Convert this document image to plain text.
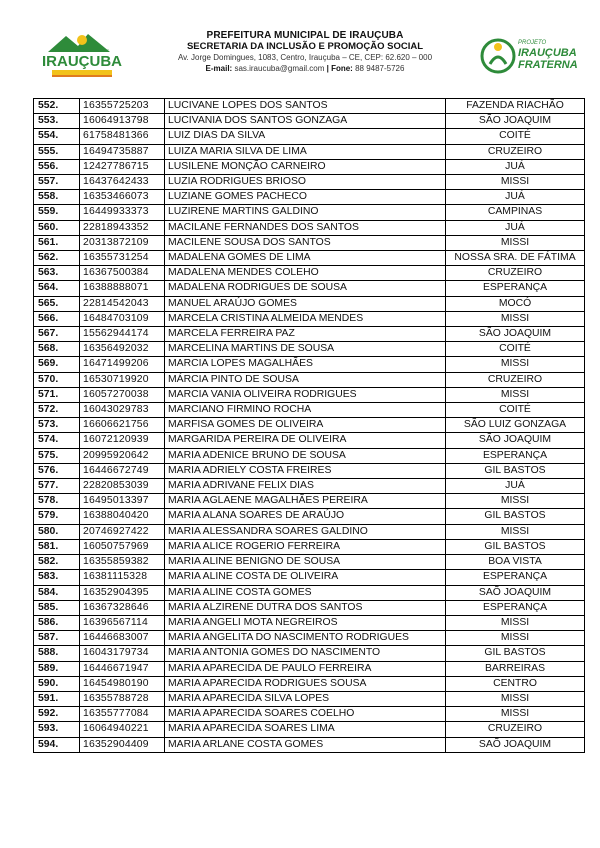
PREFEITURA MUNICIPAL DE
IRAUÇUBA
PREFEITURA MUNICIPAL DE IRAUÇUBA
SECRETARIA DA INCLUSÃO E PROMOÇÃO SOCIAL
Av. Jorge Domingues, 1083, Centro, Irauçuba – CE, CEP: 62.620 – 000
E-mail: sas.iraucuba@gmail.com | Fone: 88 9487-5726
PROJETO
IRAUÇUBA
FRATERNA
552.	16355725203	LUCIVANE LOPES DOS SANTOS	FAZENDA RIACHÃO
553.	16064913798	LUCIVANIA DOS SANTOS GONZAGA	SÃO JOAQUIM
554.	61758481366	LUIZ DIAS DA SILVA	COITÉ
555.	16494735887	LUIZA MARIA SILVA DE LIMA	CRUZEIRO
556.	12427786715	LUSILENE MONÇÃO CARNEIRO	JUÁ
557.	16437642433	LUZIA RODRIGUES BRIOSO	MISSI
558.	16353466073	LUZIANE GOMES PACHECO	JUÁ
559.	16449933373	LUZIRENE MARTINS GALDINO	CAMPINAS
560.	22818943352	MACILANE FERNANDES DOS SANTOS	JUÁ
561.	20313872109	MACILENE SOUSA DOS SANTOS	MISSI
562.	16355731254	MADALENA GOMES DE LIMA	NOSSA SRA. DE FÁTIMA
563.	16367500384	MADALENA MENDES COLEHO	CRUZEIRO
564.	16388888071	MADALENA RODRIGUES DE SOUSA	ESPERANÇA
565.	22814542043	MANUEL ARAÚJO GOMES	MOCÓ
566.	16484703109	MARCELA CRISTINA ALMEIDA MENDES	MISSI
567.	15562944174	MARCELA FERREIRA PAZ	SÃO JOAQUIM
568.	16356492032	MARCELINA MARTINS DE SOUSA	COITÉ
569.	16471499206	MARCIA LOPES MAGALHÃES	MISSI
570.	16530719920	MÁRCIA PINTO DE SOUSA	CRUZEIRO
571.	16057270038	MARCIA VANIA OLIVEIRA RODRIGUES	MISSI
572.	16043029783	MARCIANO FIRMINO ROCHA	COITÉ
573.	16606621756	MARFISA GOMES DE OLIVEIRA	SÃO LUIZ GONZAGA
574.	16072120939	MARGARIDA PEREIRA DE OLIVEIRA	SÃO JOAQUIM
575.	20995920642	MARIA ADENICE BRUNO DE SOUSA	ESPERANÇA
576.	16446672749	MARIA ADRIELY COSTA FREIRES	GIL BASTOS
577.	22820853039	MARIA ADRIVANE FELIX DIAS	JUÁ
578.	16495013397	MARIA AGLAENE MAGALHÃES PEREIRA	MISSI
579.	16388040420	MARIA ALANA SOARES DE ARAÚJO	GIL BASTOS
580.	20746927422	MARIA ALESSANDRA SOARES GALDINO	MISSI
581.	16050757969	MARIA ALICE ROGERIO FERREIRA	GIL BASTOS
582.	16355859382	MARIA ALINE BENIGNO DE SOUSA	BOA VISTA
583.	16381115328	MARIA ALINE COSTA DE OLIVEIRA	ESPERANÇA
584.	16352904395	MARIA ALINE COSTA GOMES	SAÕ JOAQUIM
585.	16367328646	MARIA ALZIRENE DUTRA DOS SANTOS	ESPERANÇA
586.	16396567114	MARIA ANGELI MOTA NEGREIROS	MISSI
587.	16446683007	MARIA ANGELITA DO NASCIMENTO RODRIGUES	MISSI
588.	16043179734	MARIA ANTONIA GOMES DO NASCIMENTO	GIL BASTOS
589.	16446671947	MARIA APARECIDA DE PAULO FERREIRA	BARREIRAS
590.	16454980190	MARIA APARECIDA RODRIGUES SOUSA	CENTRO
591.	16355788728	MARIA APARECIDA SILVA LOPES	MISSI
592.	16355777084	MARIA APARECIDA SOARES COELHO	MISSI
593.	16064940221	MARIA APARECIDA SOARES LIMA	CRUZEIRO
594.	16352904409	MARIA ARLANE COSTA GOMES	SAÕ JOAQUIM
